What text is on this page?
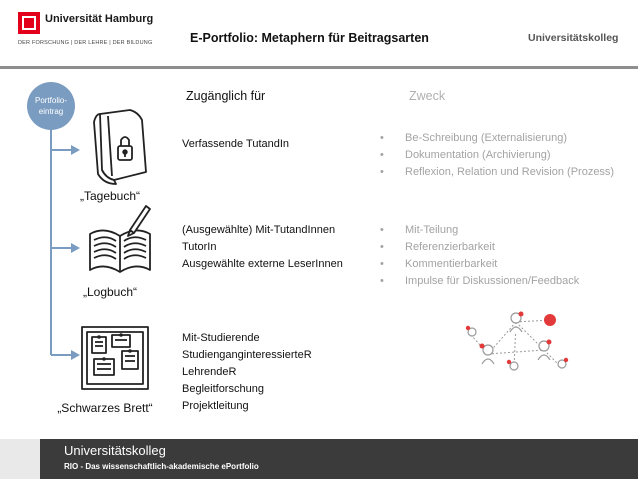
Universität Hamburg
DER FORSCHUNG | DER LEHRE | DER BILDUNG	E-Portfolio: Metaphern für Beitragsarten	Universitätskolleg
Portfolio-eintrag
Zugänglich für	Zweck
„Tagebuch“
Verfassende TutandIn
•	Be-Schreibung (Externalisierung)
• Dokumentation (Archivierung)
• Reflexion, Relation und Revision (Prozess)
„Logbuch“
(Ausgewählte) Mit-TutandInnen
TutorIn
Ausgewählte externe LeserInnen
• Mit-Teilung
• Referenzierbarkeit
• Kommentierbarkeit
• Impulse für Diskussionen/Feedback
„Schwarzes Brett“
Mit-Studierende
StudienganginteressierteR
LehrendeR
Begleitforschung
Projektleitung
Universitätskolleg
RIO - Das wissenschaftlich-akademische ePortfolio
